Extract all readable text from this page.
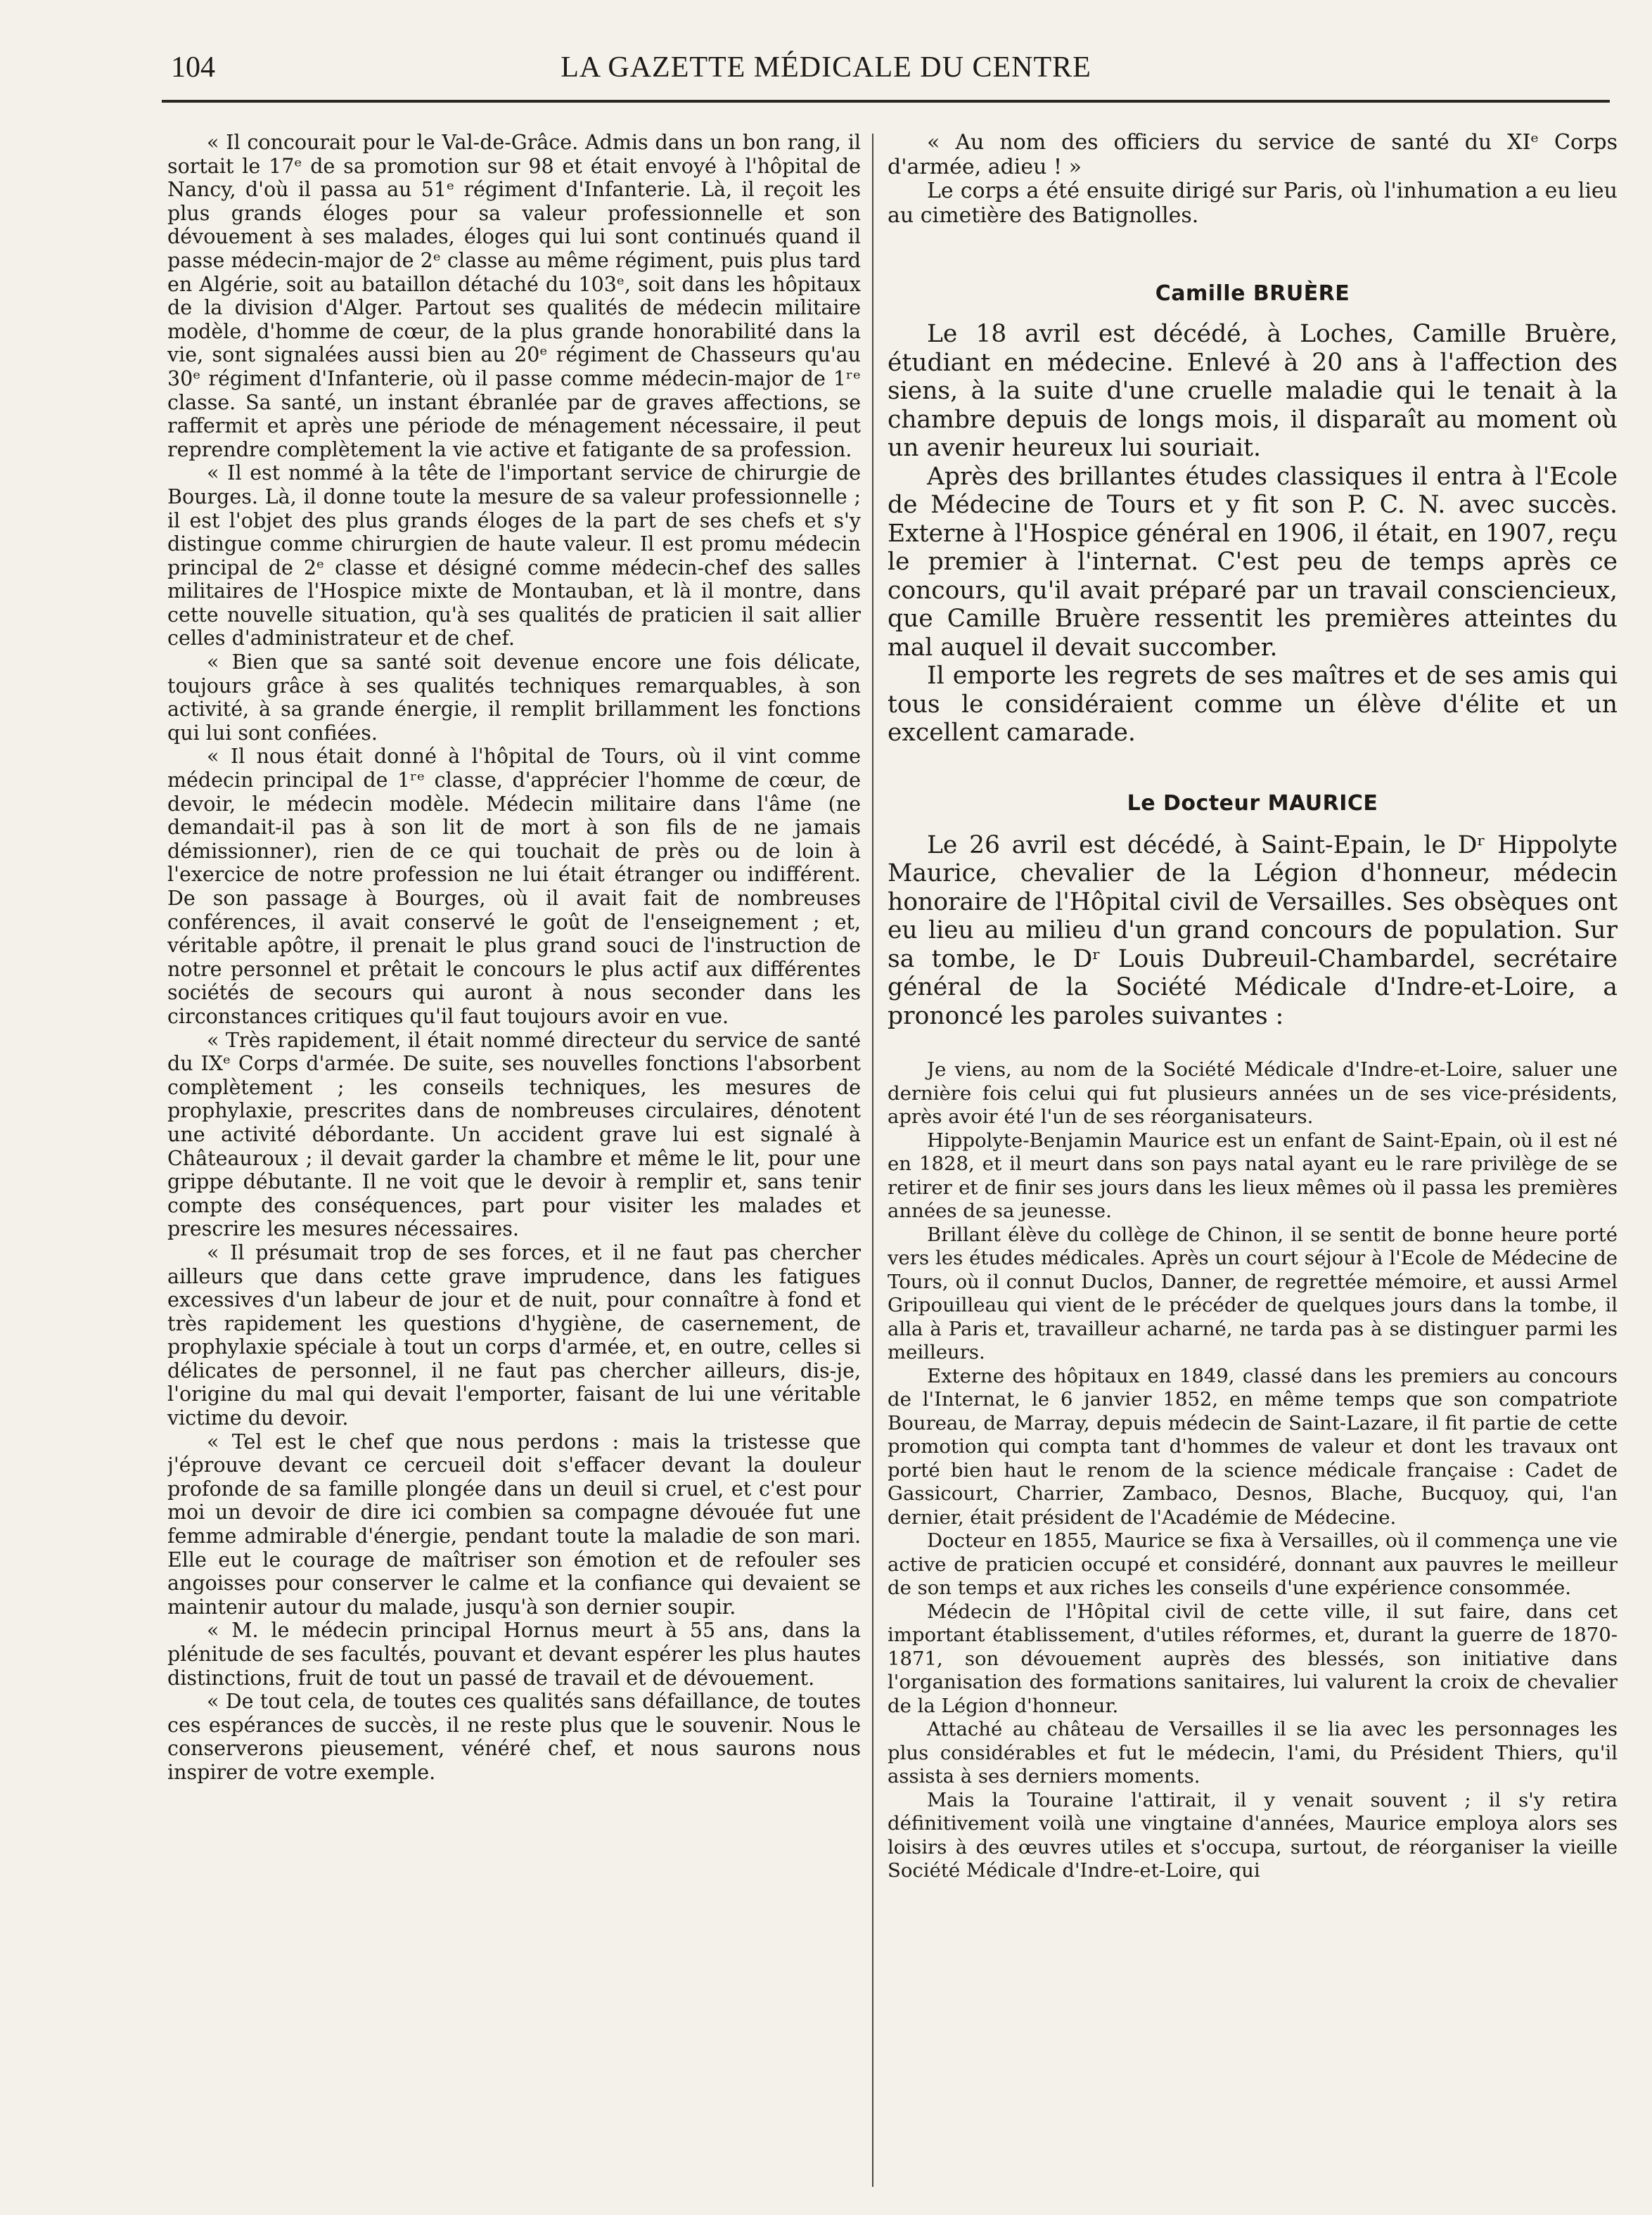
104	LA GAZETTE MÉDICALE DU CENTRE

« Il concourait pour le Val-de-Grâce. Admis dans un bon rang, il sortait le 17ᵉ de sa promotion sur 98 et était envoyé à l'hôpital de Nancy, d'où il passa au 51ᵉ régiment d'Infanterie. Là, il reçoit les plus grands éloges pour sa valeur professionnelle et son dévouement à ses malades, éloges qui lui sont continués quand il passe médecin-major de 2ᵉ classe au même régiment, puis plus tard en Algérie, soit au bataillon détaché du 103ᵉ, soit dans les hôpitaux de la division d'Alger. Partout ses qualités de médecin militaire modèle, d'homme de cœur, de la plus grande honorabilité dans la vie, sont signalées aussi bien au 20ᵉ régiment de Chasseurs qu'au 30ᵉ régiment d'Infanterie, où il passe comme médecin-major de 1ʳᵉ classe. Sa santé, un instant ébranlée par de graves affections, se raffermit et après une période de ménagement nécessaire, il peut reprendre complètement la vie active et fatigante de sa profession.

« Il est nommé à la tête de l'important service de chirurgie de Bourges. Là, il donne toute la mesure de sa valeur professionnelle ; il est l'objet des plus grands éloges de la part de ses chefs et s'y distingue comme chirurgien de haute valeur. Il est promu médecin principal de 2ᵉ classe et désigné comme médecin-chef des salles militaires de l'Hospice mixte de Montauban, et là il montre, dans cette nouvelle situation, qu'à ses qualités de praticien il sait allier celles d'administrateur et de chef.

« Bien que sa santé soit devenue encore une fois délicate, toujours grâce à ses qualités techniques remarquables, à son activité, à sa grande énergie, il remplit brillamment les fonctions qui lui sont confiées.

« Il nous était donné à l'hôpital de Tours, où il vint comme médecin principal de 1ʳᵉ classe, d'apprécier l'homme de cœur, de devoir, le médecin modèle. Médecin militaire dans l'âme (ne demandait-il pas à son lit de mort à son fils de ne jamais démissionner), rien de ce qui touchait de près ou de loin à l'exercice de notre profession ne lui était étranger ou indifférent. De son passage à Bourges, où il avait fait de nombreuses conférences, il avait conservé le goût de l'enseignement ; et, véritable apôtre, il prenait le plus grand souci de l'instruction de notre personnel et prêtait le concours le plus actif aux différentes sociétés de secours qui auront à nous seconder dans les circonstances critiques qu'il faut toujours avoir en vue.

« Très rapidement, il était nommé directeur du service de santé du IXᵉ Corps d'armée. De suite, ses nouvelles fonctions l'absorbent complètement ; les conseils techniques, les mesures de prophylaxie, prescrites dans de nombreuses circulaires, dénotent une activité débordante. Un accident grave lui est signalé à Châteauroux ; il devait garder la chambre et même le lit, pour une grippe débutante. Il ne voit que le devoir à remplir et, sans tenir compte des conséquences, part pour visiter les malades et prescrire les mesures nécessaires.

« Il présumait trop de ses forces, et il ne faut pas chercher ailleurs que dans cette grave imprudence, dans les fatigues excessives d'un labeur de jour et de nuit, pour connaître à fond et très rapidement les questions d'hygiène, de casernement, de prophylaxie spéciale à tout un corps d'armée, et, en outre, celles si délicates de personnel, il ne faut pas chercher ailleurs, dis-je, l'origine du mal qui devait l'emporter, faisant de lui une véritable victime du devoir.

« Tel est le chef que nous perdons : mais la tristesse que j'éprouve devant ce cercueil doit s'effacer devant la douleur profonde de sa famille plongée dans un deuil si cruel, et c'est pour moi un devoir de dire ici combien sa compagne dévouée fut une femme admirable d'énergie, pendant toute la maladie de son mari. Elle eut le courage de maîtriser son émotion et de refouler ses angoisses pour conserver le calme et la confiance qui devaient se maintenir autour du malade, jusqu'à son dernier soupir.

« M. le médecin principal Hornus meurt à 55 ans, dans la plénitude de ses facultés, pouvant et devant espérer les plus hautes distinctions, fruit de tout un passé de travail et de dévouement.

« De tout cela, de toutes ces qualités sans défaillance, de toutes ces espérances de succès, il ne reste plus que le souvenir. Nous le conserverons pieusement, vénéré chef, et nous saurons nous inspirer de votre exemple.

« Au nom des officiers du service de santé du XIᵉ Corps d'armée, adieu ! »

Le corps a été ensuite dirigé sur Paris, où l'inhumation a eu lieu au cimetière des Batignolles.

Camille BRUÈRE

Le 18 avril est décédé, à Loches, Camille Bruère, étudiant en médecine. Enlevé à 20 ans à l'affection des siens, à la suite d'une cruelle maladie qui le tenait à la chambre depuis de longs mois, il disparaît au moment où un avenir heureux lui souriait.

Après des brillantes études classiques il entra à l'Ecole de Médecine de Tours et y fit son P. C. N. avec succès. Externe à l'Hospice général en 1906, il était, en 1907, reçu le premier à l'internat. C'est peu de temps après ce concours, qu'il avait préparé par un travail consciencieux, que Camille Bruère ressentit les premières atteintes du mal auquel il devait succomber.

Il emporte les regrets de ses maîtres et de ses amis qui tous le considéraient comme un élève d'élite et un excellent camarade.

Le Docteur MAURICE

Le 26 avril est décédé, à Saint-Epain, le Dʳ Hippolyte Maurice, chevalier de la Légion d'honneur, médecin honoraire de l'Hôpital civil de Versailles. Ses obsèques ont eu lieu au milieu d'un grand concours de population. Sur sa tombe, le Dʳ Louis Dubreuil-Chambardel, secrétaire général de la Société Médicale d'Indre-et-Loire, a prononcé les paroles suivantes :

Je viens, au nom de la Société Médicale d'Indre-et-Loire, saluer une dernière fois celui qui fut plusieurs années un de ses vice-présidents, après avoir été l'un de ses réorganisateurs.

Hippolyte-Benjamin Maurice est un enfant de Saint-Epain, où il est né en 1828, et il meurt dans son pays natal ayant eu le rare privilège de se retirer et de finir ses jours dans les lieux mêmes où il passa les premières années de sa jeunesse.

Brillant élève du collège de Chinon, il se sentit de bonne heure porté vers les études médicales. Après un court séjour à l'Ecole de Médecine de Tours, où il connut Duclos, Danner, de regrettée mémoire, et aussi Armel Gripouilleau qui vient de le précéder de quelques jours dans la tombe, il alla à Paris et, travailleur acharné, ne tarda pas à se distinguer parmi les meilleurs.

Externe des hôpitaux en 1849, classé dans les premiers au concours de l'Internat, le 6 janvier 1852, en même temps que son compatriote Boureau, de Marray, depuis médecin de Saint-Lazare, il fit partie de cette promotion qui compta tant d'hommes de valeur et dont les travaux ont porté bien haut le renom de la science médicale française : Cadet de Gassicourt, Charrier, Zambaco, Desnos, Blache, Bucquoy, qui, l'an dernier, était président de l'Académie de Médecine.

Docteur en 1855, Maurice se fixa à Versailles, où il commença une vie active de praticien occupé et considéré, donnant aux pauvres le meilleur de son temps et aux riches les conseils d'une expérience consommée.

Médecin de l'Hôpital civil de cette ville, il sut faire, dans cet important établissement, d'utiles réformes, et, durant la guerre de 1870-1871, son dévouement auprès des blessés, son initiative dans l'organisation des formations sanitaires, lui valurent la croix de chevalier de la Légion d'honneur.

Attaché au château de Versailles il se lia avec les personnages les plus considérables et fut le médecin, l'ami, du Président Thiers, qu'il assista à ses derniers moments.

Mais la Touraine l'attirait, il y venait souvent ; il s'y retira définitivement voilà une vingtaine d'années, Maurice employa alors ses loisirs à des œuvres utiles et s'occupa, surtout, de réorganiser la vieille Société Médicale d'Indre-et-Loire, qui
